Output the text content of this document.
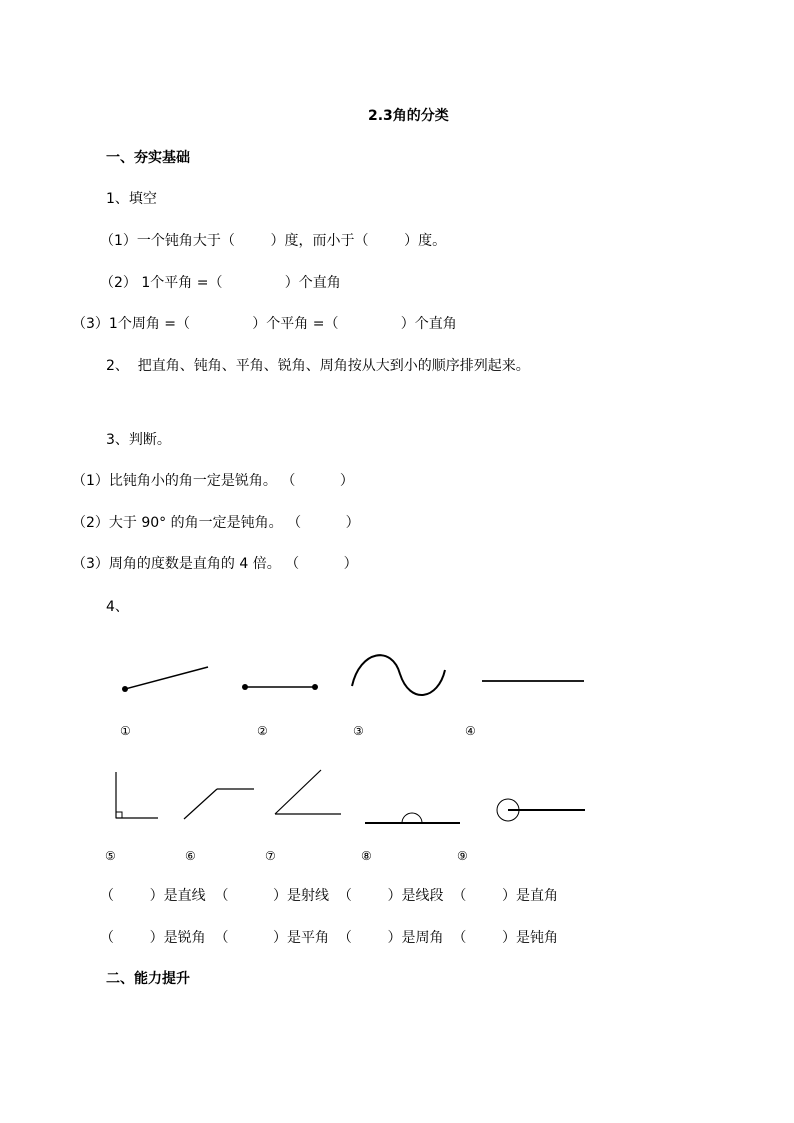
2.3角的分类
一、夯实基础
1、填空
（1）一个钝角大于（        ）度，而小于（        ）度。
（2） 1个平角 =（              ）个直角
（3）1个周角 =（              ）个平角 =（              ）个直角
2、  把直角、钝角、平角、锐角、周角按从大到小的顺序排列起来。
3、判断。
（1）比钝角小的角一定是锐角。 （          ）
（2）大于 90° 的角一定是钝角。 （          ）
（3）周角的度数是直角的 4 倍。 （          ）
4、
①	②	③	④
⑤	⑥	⑦	⑧	⑨
（        ）是直线  （          ）是射线  （        ）是线段  （        ）是直角
（        ）是锐角  （          ）是平角  （        ）是周角  （        ）是钝角
二、能力提升
